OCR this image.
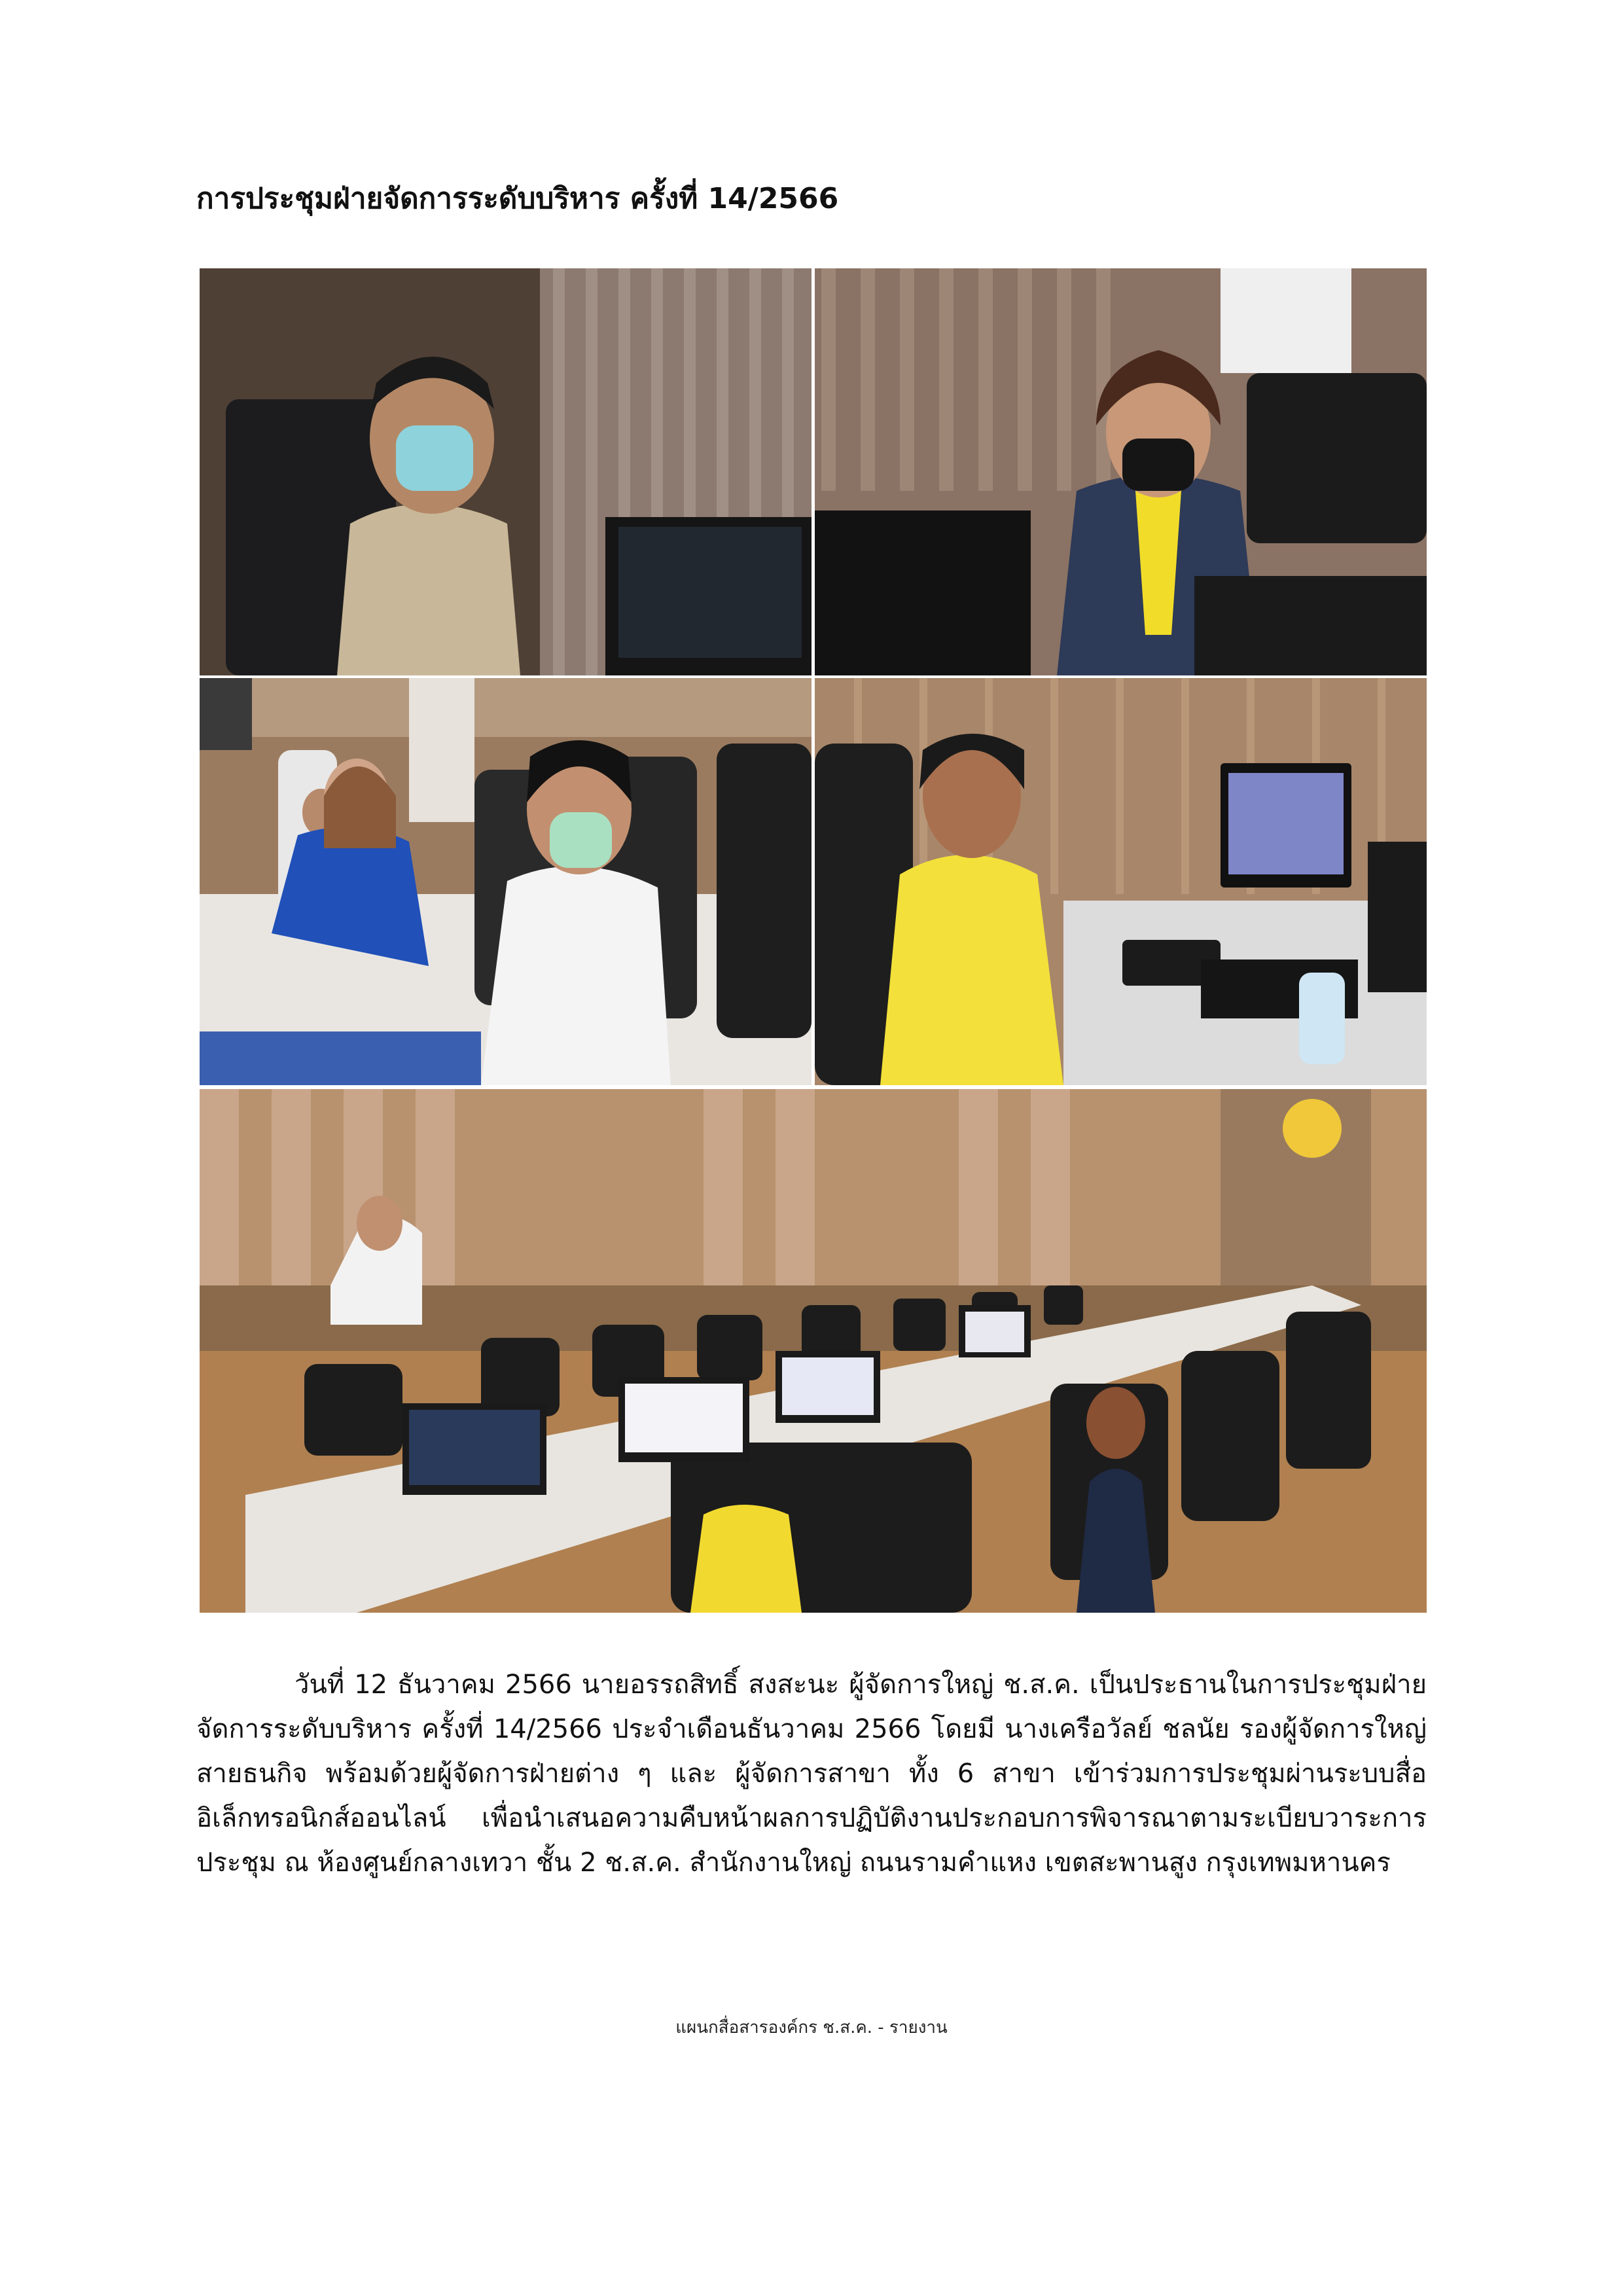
การประชุมฝ่ายจัดการระดับบริหาร ครั้งที่ 14/2566
วันที่ 12 ธันวาคม 2566 นายอรรถสิทธิ์ สงสะนะ ผู้จัดการใหญ่ ช.ส.ค. เป็นประธานในการประชุมฝ่ายจัดการระดับบริหาร ครั้งที่ 14/2566 ประจำเดือนธันวาคม 2566 โดยมี นางเครือวัลย์ ชลนัย รองผู้จัดการใหญ่สายธนกิจ พร้อมด้วยผู้จัดการฝ่ายต่าง ๆ และ ผู้จัดการสาขา ทั้ง 6 สาขา เข้าร่วมการประชุมผ่านระบบสื่ออิเล็กทรอนิกส์ออนไลน์ เพื่อนำเสนอความคืบหน้าผลการปฏิบัติงานประกอบการพิจารณาตามระเบียบวาระการประชุม ณ ห้องศูนย์กลางเทวา ชั้น 2 ช.ส.ค. สำนักงานใหญ่ ถนนรามคำแหง เขตสะพานสูง กรุงเทพมหานคร
แผนกสื่อสารองค์กร ช.ส.ค. - รายงาน
